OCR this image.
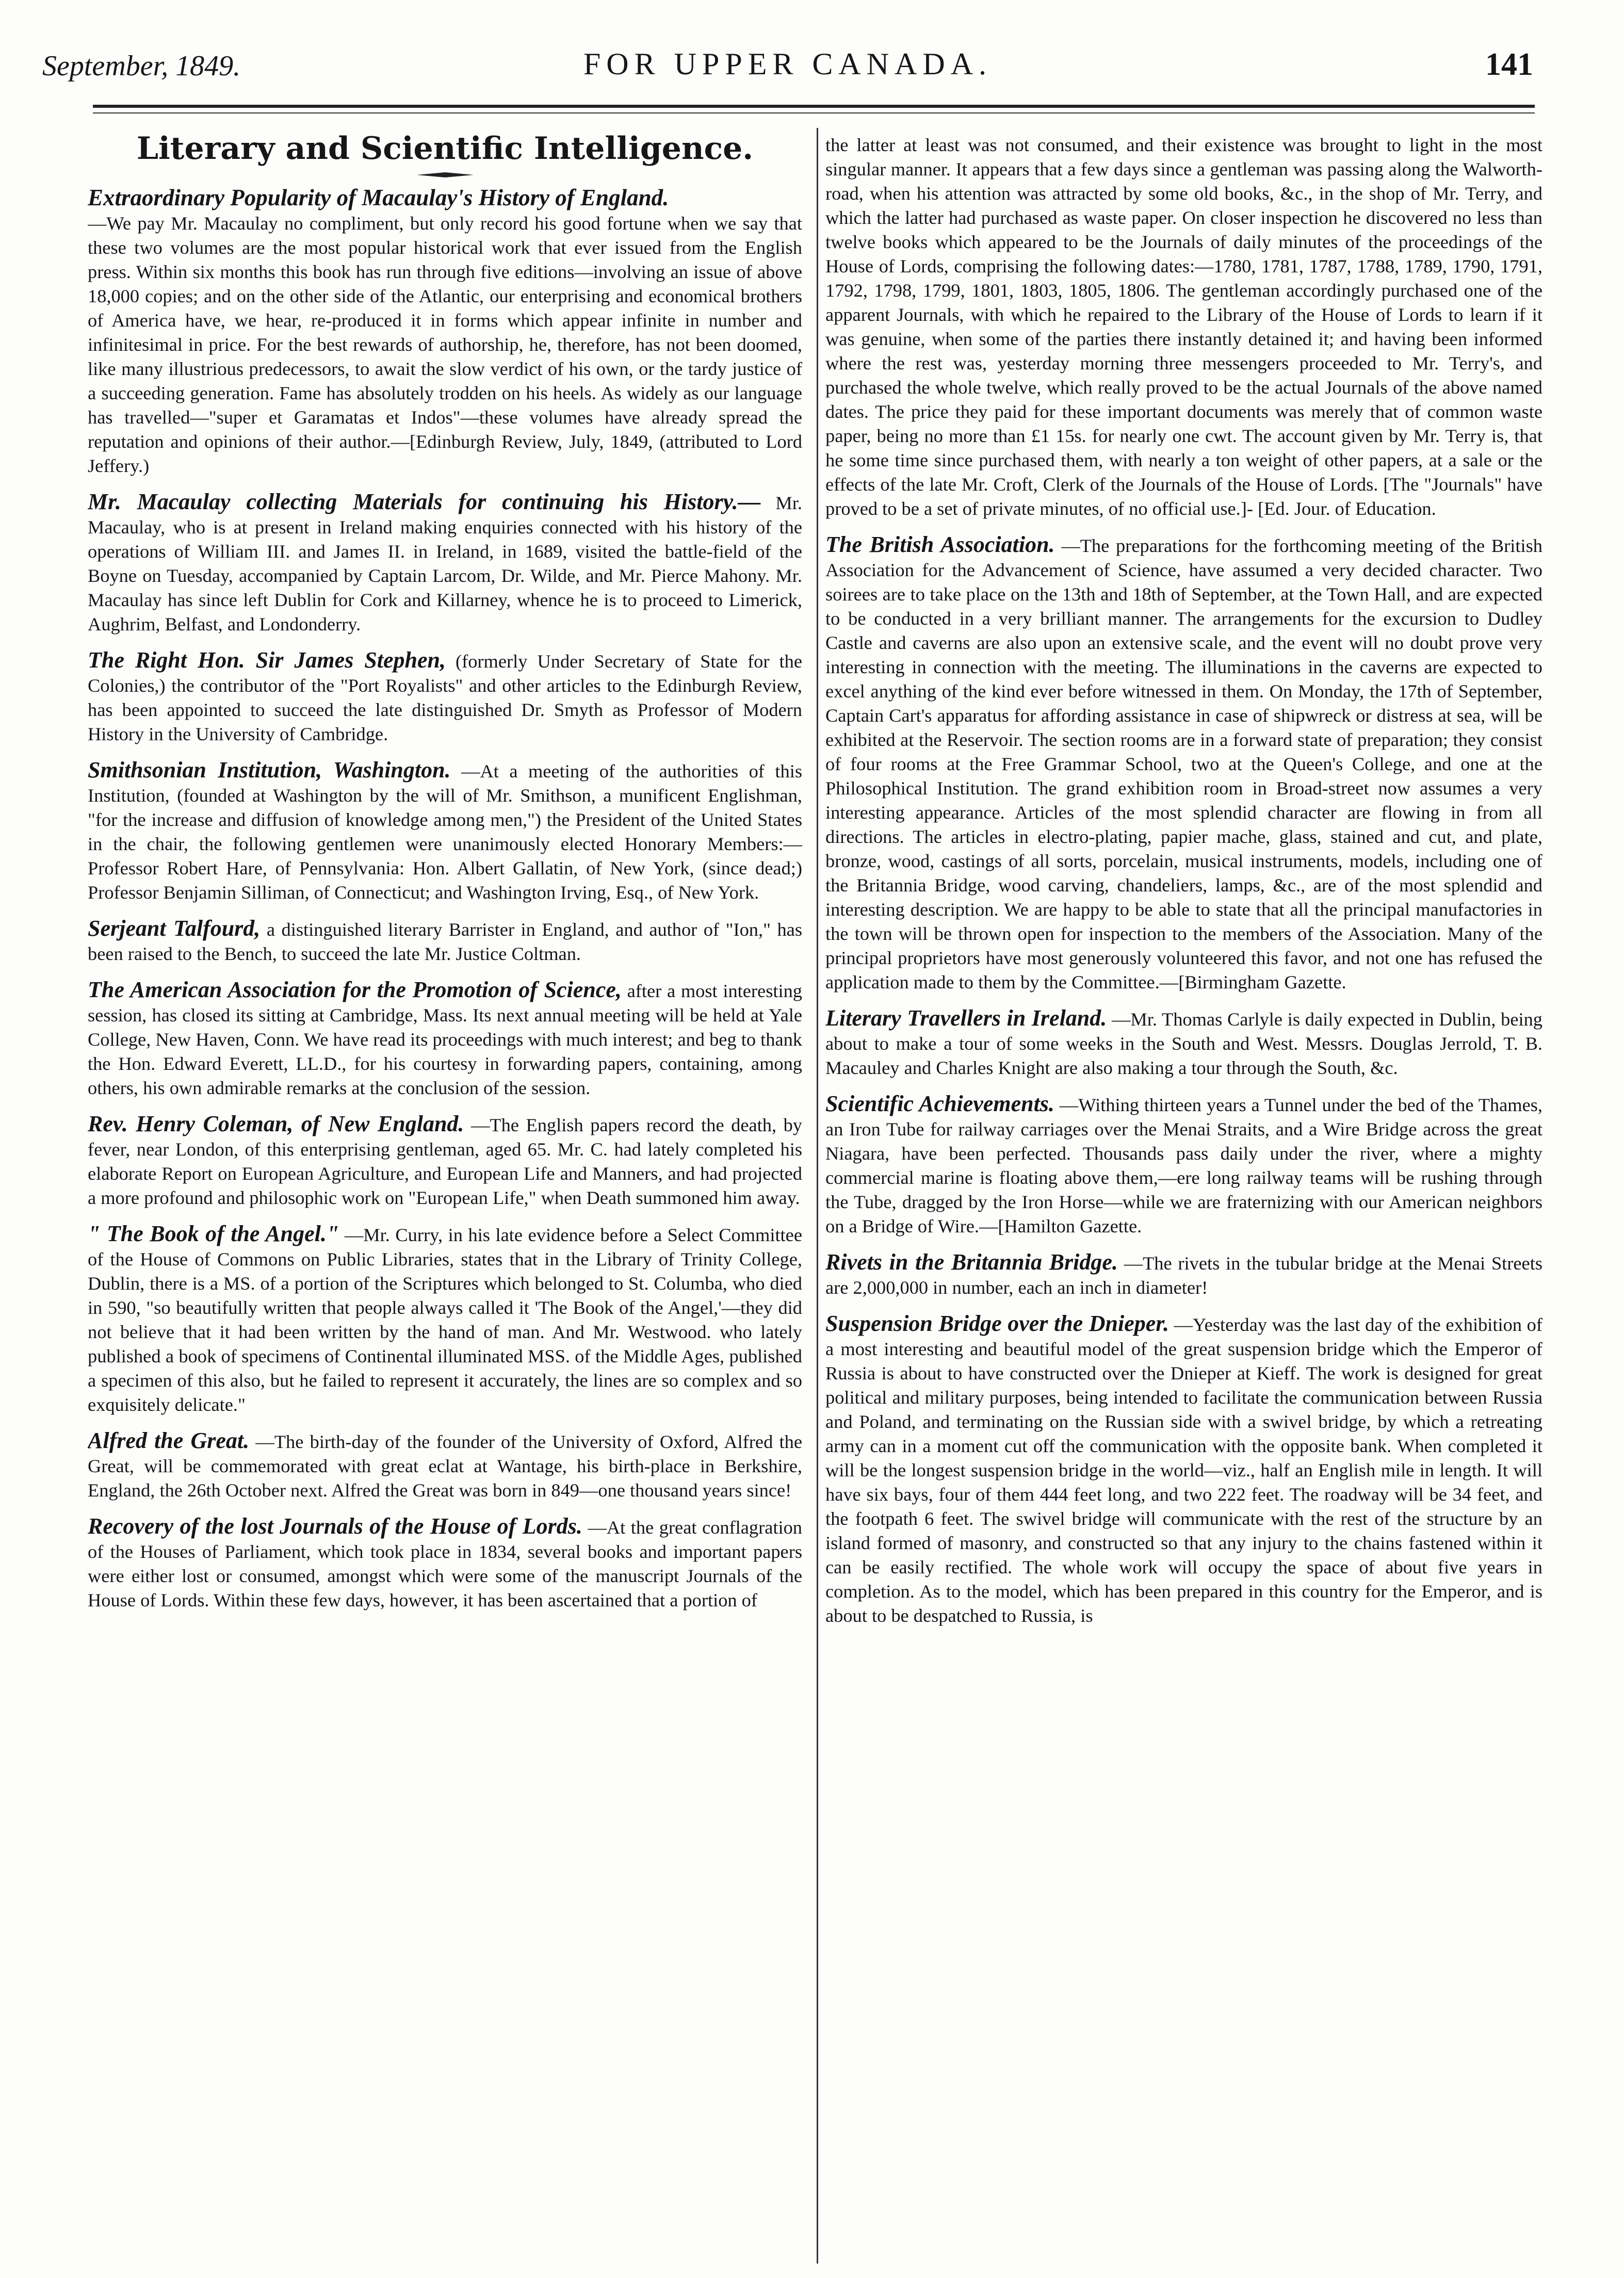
September, 1849.	FOR UPPER CANADA.	141
Literary and Scientific Intelligence.

Extraordinary Popularity of Macaulay's History of England.
—We pay Mr. Macaulay no compliment, but only record his good fortune when we say that these two volumes are the most popular historical work that ever issued from the English press. Within six months this book has run through five editions—involving an issue of above 18,000 copies; and on the other side of the Atlantic, our enterprising and economical brothers of America have, we hear, re-produced it in forms which appear infinite in number and infinitesimal in price. For the best rewards of authorship, he, therefore, has not been doomed, like many illustrious predecessors, to await the slow verdict of his own, or the tardy justice of a succeeding generation. Fame has absolutely trodden on his heels. As widely as our language has travelled—"super et Garamatas et Indos"—these volumes have already spread the reputation and opinions of their author.—[Edinburgh Review, July, 1849, (attributed to Lord Jeffery.)

Mr. Macaulay collecting Materials for continuing his History.— Mr. Macaulay, who is at present in Ireland making enquiries connected with his history of the operations of William III. and James II. in Ireland, in 1689, visited the battle-field of the Boyne on Tuesday, accompanied by Captain Larcom, Dr. Wilde, and Mr. Pierce Mahony. Mr. Macaulay has since left Dublin for Cork and Killarney, whence he is to proceed to Limerick, Aughrim, Belfast, and Londonderry.

The Right Hon. Sir James Stephen, (formerly Under Secretary of State for the Colonies,) the contributor of the "Port Royalists" and other articles to the Edinburgh Review, has been appointed to succeed the late distinguished Dr. Smyth as Professor of Modern History in the University of Cambridge.

Smithsonian Institution, Washington. —At a meeting of the authorities of this Institution, (founded at Washington by the will of Mr. Smithson, a munificent Englishman, "for the increase and diffusion of knowledge among men,") the President of the United States in the chair, the following gentlemen were unanimously elected Honorary Members:—Professor Robert Hare, of Pennsylvania: Hon. Albert Gallatin, of New York, (since dead;) Professor Benjamin Silliman, of Connecticut; and Washington Irving, Esq., of New York.

Serjeant Talfourd, a distinguished literary Barrister in England, and author of "Ion," has been raised to the Bench, to succeed the late Mr. Justice Coltman.

The American Association for the Promotion of Science, after a most interesting session, has closed its sitting at Cambridge, Mass. Its next annual meeting will be held at Yale College, New Haven, Conn. We have read its proceedings with much interest; and beg to thank the Hon. Edward Everett, LL.D., for his courtesy in forwarding papers, containing, among others, his own admirable remarks at the conclusion of the session.

Rev. Henry Coleman, of New England. —The English papers record the death, by fever, near London, of this enterprising gentleman, aged 65. Mr. C. had lately completed his elaborate Report on European Agriculture, and European Life and Manners, and had projected a more profound and philosophic work on "European Life," when Death summoned him away.

" The Book of the Angel." —Mr. Curry, in his late evidence before a Select Committee of the House of Commons on Public Libraries, states that in the Library of Trinity College, Dublin, there is a MS. of a portion of the Scriptures which belonged to St. Columba, who died in 590, "so beautifully written that people always called it 'The Book of the Angel,'—they did not believe that it had been written by the hand of man. And Mr. Westwood. who lately published a book of specimens of Continental illuminated MSS. of the Middle Ages, published a specimen of this also, but he failed to represent it accurately, the lines are so complex and so exquisitely delicate."

Alfred the Great. —The birth-day of the founder of the University of Oxford, Alfred the Great, will be commemorated with great eclat at Wantage, his birth-place in Berkshire, England, the 26th October next. Alfred the Great was born in 849—one thousand years since!

Recovery of the lost Journals of the House of Lords. —At the great conflagration of the Houses of Parliament, which took place in 1834, several books and important papers were either lost or consumed, amongst which were some of the manuscript Journals of the House of Lords. Within these few days, however, it has been ascertained that a portion of

the latter at least was not consumed, and their existence was brought to light in the most singular manner. It appears that a few days since a gentleman was passing along the Walworth-road, when his attention was attracted by some old books, &c., in the shop of Mr. Terry, and which the latter had purchased as waste paper. On closer inspection he discovered no less than twelve books which appeared to be the Journals of daily minutes of the proceedings of the House of Lords, comprising the following dates:—1780, 1781, 1787, 1788, 1789, 1790, 1791, 1792, 1798, 1799, 1801, 1803, 1805, 1806. The gentleman accordingly purchased one of the apparent Journals, with which he repaired to the Library of the House of Lords to learn if it was genuine, when some of the parties there instantly detained it; and having been informed where the rest was, yesterday morning three messengers proceeded to Mr. Terry's, and purchased the whole twelve, which really proved to be the actual Journals of the above named dates. The price they paid for these important documents was merely that of common waste paper, being no more than £1 15s. for nearly one cwt. The account given by Mr. Terry is, that he some time since purchased them, with nearly a ton weight of other papers, at a sale or the effects of the late Mr. Croft, Clerk of the Journals of the House of Lords. [The "Journals" have proved to be a set of private minutes, of no official use.]- [Ed. Jour. of Education.

The British Association. —The preparations for the forthcoming meeting of the British Association for the Advancement of Science, have assumed a very decided character. Two soirees are to take place on the 13th and 18th of September, at the Town Hall, and are expected to be conducted in a very brilliant manner. The arrangements for the excursion to Dudley Castle and caverns are also upon an extensive scale, and the event will no doubt prove very interesting in connection with the meeting. The illuminations in the caverns are expected to excel anything of the kind ever before witnessed in them. On Monday, the 17th of September, Captain Cart's apparatus for affording assistance in case of shipwreck or distress at sea, will be exhibited at the Reservoir. The section rooms are in a forward state of preparation; they consist of four rooms at the Free Grammar School, two at the Queen's College, and one at the Philosophical Institution. The grand exhibition room in Broad-street now assumes a very interesting appearance. Articles of the most splendid character are flowing in from all directions. The articles in electro-plating, papier mache, glass, stained and cut, and plate, bronze, wood, castings of all sorts, porcelain, musical instruments, models, including one of the Britannia Bridge, wood carving, chandeliers, lamps, &c., are of the most splendid and interesting description. We are happy to be able to state that all the principal manufactories in the town will be thrown open for inspection to the members of the Association. Many of the principal proprietors have most generously volunteered this favor, and not one has refused the application made to them by the Committee.—[Birmingham Gazette.

Literary Travellers in Ireland. —Mr. Thomas Carlyle is daily expected in Dublin, being about to make a tour of some weeks in the South and West. Messrs. Douglas Jerrold, T. B. Macauley and Charles Knight are also making a tour through the South, &c.

Scientific Achievements. —Withing thirteen years a Tunnel under the bed of the Thames, an Iron Tube for railway carriages over the Menai Straits, and a Wire Bridge across the great Niagara, have been perfected. Thousands pass daily under the river, where a mighty commercial marine is floating above them,—ere long railway teams will be rushing through the Tube, dragged by the Iron Horse—while we are fraternizing with our American neighbors on a Bridge of Wire.—[Hamilton Gazette.

Rivets in the Britannia Bridge. —The rivets in the tubular bridge at the Menai Streets are 2,000,000 in number, each an inch in diameter!

Suspension Bridge over the Dnieper. —Yesterday was the last day of the exhibition of a most interesting and beautiful model of the great suspension bridge which the Emperor of Russia is about to have constructed over the Dnieper at Kieff. The work is designed for great political and military purposes, being intended to facilitate the communication between Russia and Poland, and terminating on the Russian side with a swivel bridge, by which a retreating army can in a moment cut off the communication with the opposite bank. When completed it will be the longest suspension bridge in the world—viz., half an English mile in length. It will have six bays, four of them 444 feet long, and two 222 feet. The roadway will be 34 feet, and the footpath 6 feet. The swivel bridge will communicate with the rest of the structure by an island formed of masonry, and constructed so that any injury to the chains fastened within it can be easily rectified. The whole work will occupy the space of about five years in completion. As to the model, which has been prepared in this country for the Emperor, and is about to be despatched to Russia, is
